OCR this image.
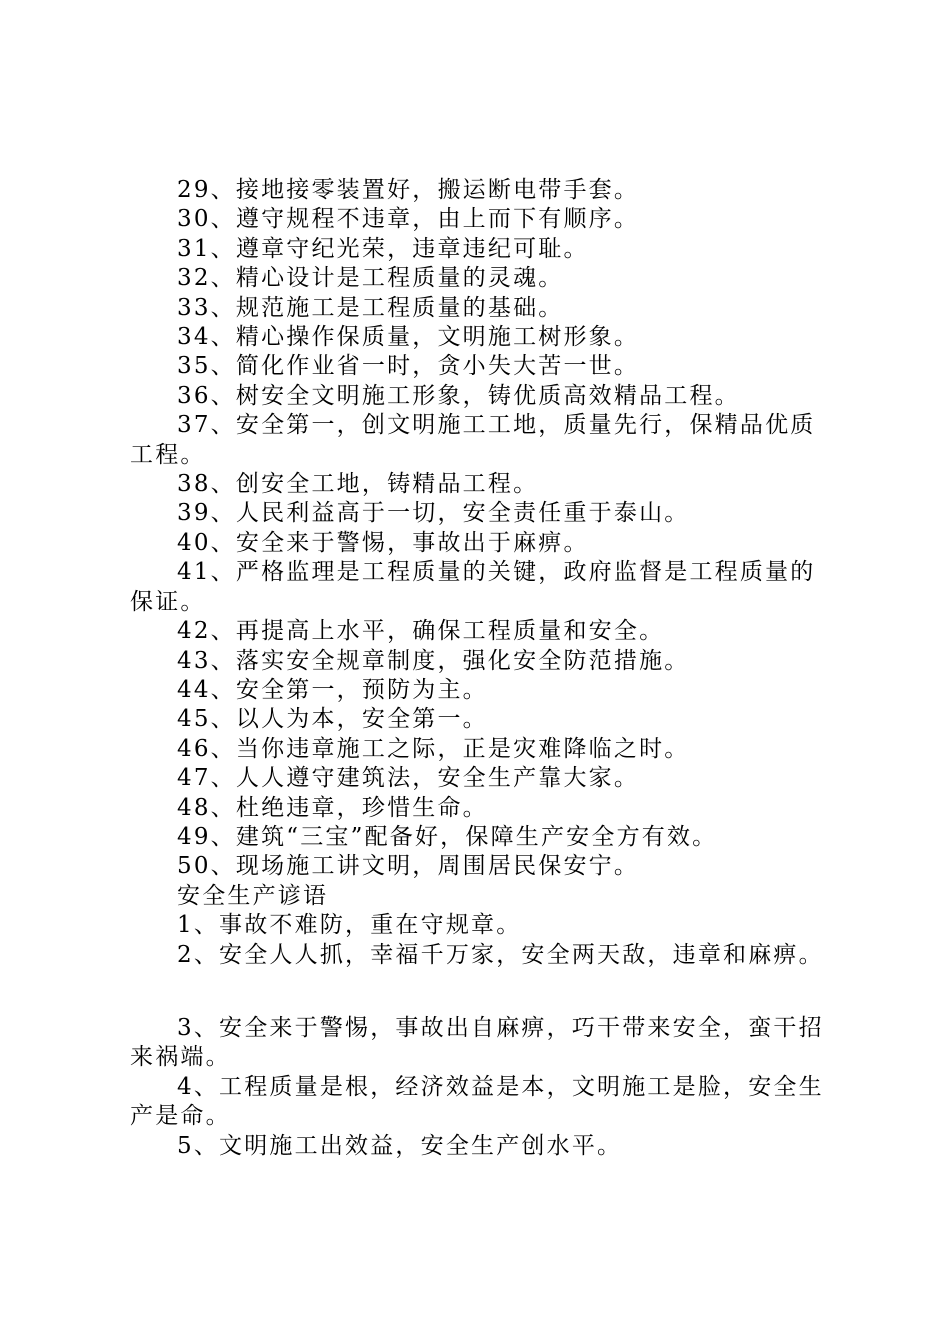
29、接地接零装置好，搬运断电带手套。

30、遵守规程不违章，由上而下有顺序。

31、遵章守纪光荣，违章违纪可耻。

32、精心设计是工程质量的灵魂。

33、规范施工是工程质量的基础。

34、精心操作保质量，文明施工树形象。

35、简化作业省一时，贪小失大苦一世。

36、树安全文明施工形象，铸优质高效精品工程。

37、安全第一，创文明施工工地，质量先行，保精品优质工程。

38、创安全工地，铸精品工程。

39、人民利益高于一切，安全责任重于泰山。

40、安全来于警惕，事故出于麻痹。

41、严格监理是工程质量的关键，政府监督是工程质量的保证。

42、再提高上水平，确保工程质量和安全。

43、落实安全规章制度，强化安全防范措施。

44、安全第一，预防为主。

45、以人为本，安全第一。

46、当你违章施工之际，正是灾难降临之时。

47、人人遵守建筑法，安全生产靠大家。

48、杜绝违章，珍惜生命。

49、建筑“三宝”配备好，保障生产安全方有效。

50、现场施工讲文明，周围居民保安宁。

安全生产谚语

1、事故不难防，重在守规章。

2、安全人人抓，幸福千万家，安全两天敌，违章和麻痹。

3、安全来于警惕，事故出自麻痹，巧干带来安全，蛮干招来祸端。

4、工程质量是根，经济效益是本，文明施工是脸，安全生产是命。

5、文明施工出效益，安全生产创水平。
